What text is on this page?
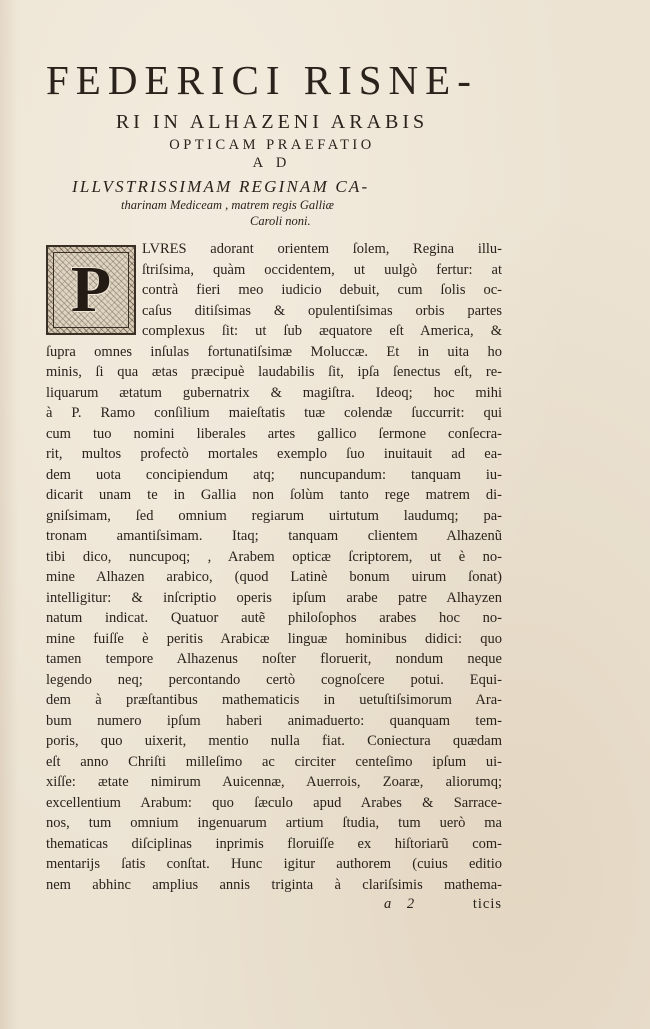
FEDERICI RISNE-
RI IN ALHAZENI ARABIS
OPTICAM PRAEFATIO
A D
ILLVSTRISSIMAM REGINAM CA-
tharinam Mediceam , matrem regis Galliæ
Caroli noni.
P
LVRES adorant orientem ſolem, Regina illu-
ſtriſsima, quàm occidentem, ut uulgò fertur: at
contrà fieri meo iudicio debuit, cum ſolis oc-
caſus ditiſsimas & opulentiſsimas orbis partes
complexus ſit: ut ſub æquatore eſt America, &
ſupra omnes inſulas fortunatiſsimæ Moluccæ. Et in uita ho
minis, ſi qua ætas præcipuè laudabilis ſit, ipſa ſenectus eſt, re-
liquarum ætatum gubernatrix & magiſtra. Ideoq; hoc mihi
à P. Ramo conſilium maieſtatis tuæ colendæ ſuccurrit: qui
cum tuo nomini liberales artes gallico ſermone conſecra-
rit, multos profectò mortales exemplo ſuo inuitauit ad ea-
dem uota concipiendum atq; nuncupandum: tanquam iu-
dicarit unam te in Gallia non ſolùm tanto rege matrem di-
gniſsimam, ſed omnium regiarum uirtutum laudumq; pa-
tronam amantiſsimam. Itaq; tanquam clientem Alhazenũ
tibi dico, nuncupoq; , Arabem opticæ ſcriptorem, ut è no-
mine Alhazen arabico, (quod Latinè bonum uirum ſonat)
intelligitur: & inſcriptio operis ipſum arabe patre Alhayzen
natum indicat. Quatuor autẽ philoſophos arabes hoc no-
mine fuiſſe è peritis Arabicæ linguæ hominibus didici: quo
tamen tempore Alhazenus noſter floruerit, nondum neque
legendo neq; percontando certò cognoſcere potui. Equi-
dem à præſtantibus mathematicis in uetuſtiſsimorum Ara-
bum numero ipſum haberi animaduerto: quanquam tem-
poris, quo uixerit, mentio nulla fiat. Coniectura quædam
eſt anno Chriſti milleſimo ac circiter centeſimo ipſum ui-
xiſſe: ætate nimirum Auicennæ, Auerrois, Zoaræ, aliorumq;
excellentium Arabum: quo ſæculo apud Arabes & Sarrace-
nos, tum omnium ingenuarum artium ſtudia, tum uerò ma
thematicas diſciplinas inprimis floruiſſe ex hiſtoriarũ com-
mentarijs ſatis conſtat. Hunc igitur authorem (cuius editio
nem abhinc amplius annis triginta à clariſsimis mathema-
a 2	ticis
